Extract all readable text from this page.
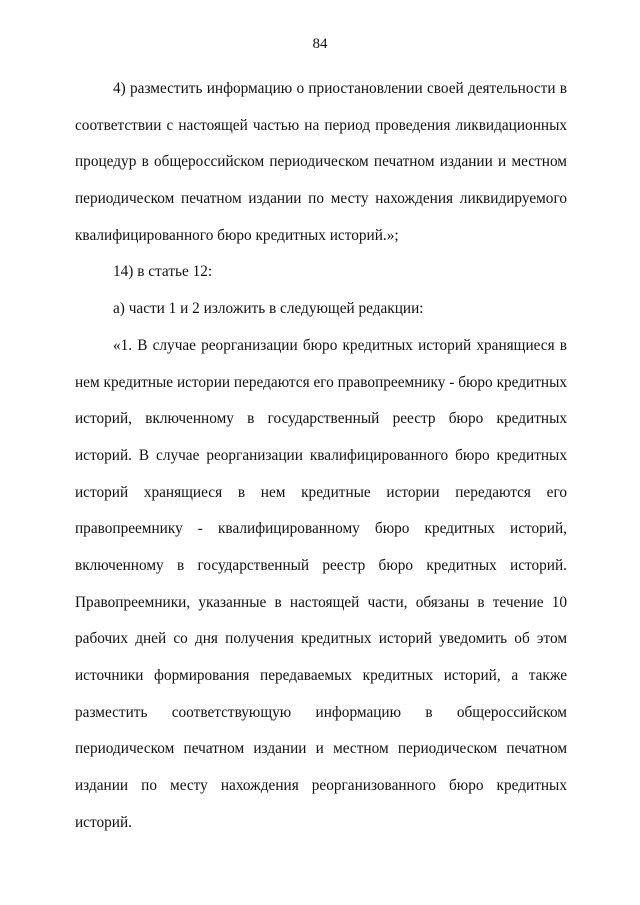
84
4) разместить информацию о приостановлении своей деятельности в
соответствии с настоящей частью на период проведения ликвидационных
процедур в общероссийском периодическом печатном издании и местном
периодическом печатном издании по месту нахождения ликвидируемого
квалифицированного бюро кредитных историй.»;
14) в статье 12:
а) части 1 и 2 изложить в следующей редакции:
«1. В случае реорганизации бюро кредитных историй хранящиеся в
нем кредитные истории передаются его правопреемнику - бюро кредитных
историй, включенному в государственный реестр бюро кредитных
историй. В случае реорганизации квалифицированного бюро кредитных
историй хранящиеся в нем кредитные истории передаются его
правопреемнику - квалифицированному бюро кредитных историй,
включенному в государственный реестр бюро кредитных историй.
Правопреемники, указанные в настоящей части, обязаны в течение 10
рабочих дней со дня получения кредитных историй уведомить об этом
источники формирования передаваемых кредитных историй, а также
разместить соответствующую информацию в общероссийском
периодическом печатном издании и местном периодическом печатном
издании по месту нахождения реорганизованного бюро кредитных
историй.
